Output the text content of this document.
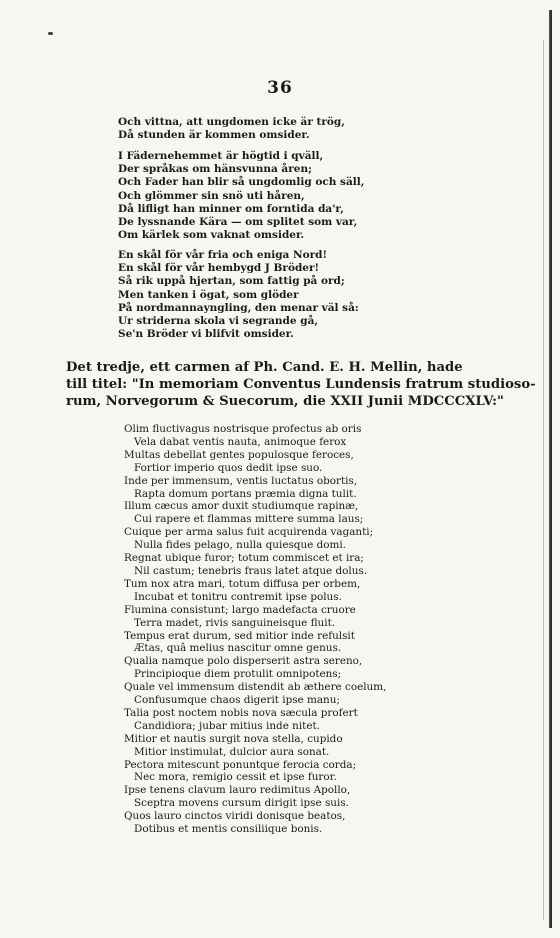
36
Och vittna, att ungdomen icke är trög,
Då stunden är kommen omsider.
I Fädernehemmet är högtid i qväll,
Der språkas om hänsvunna åren;
Och Fader han blir så ungdomlig och säll,
Och glömmer sin snö uti håren,
Då lifligt han minner om forntida da'r,
De lyssnande Kära — om splitet som var,
Om kärlek som vaknat omsider.
En skål för vår fria och eniga Nord!
En skål för vår hembygd J Bröder!
Så rik uppå hjertan, som fattig på ord;
Men tanken i ögat, som glöder
På nordmannayngling, den menar väl så:
Ur striderna skola vi segrande gå,
Se'n Bröder vi blifvit omsider.
Det tredje, ett carmen af Ph. Cand. E. H. Mellin, hade
till titel: "In memoriam Conventus Lundensis fratrum studioso-
rum, Norvegorum & Suecorum, die XXII Junii MDCCCXLV:"
Olim fluctivagus nostrisque profectus ab oris
Vela dabat ventis nauta, animoque ferox
Multas debellat gentes populosque feroces,
Fortior imperio quos dedit ipse suo.
Inde per immensum, ventis luctatus obortis,
Rapta domum portans præmia digna tulit.
Illum cæcus amor duxit studiumque rapinæ,
Cui rapere et flammas mittere summa laus;
Cuique per arma salus fuit acquirenda vaganti;
Nulla fides pelago, nulla quiesque domi.
Regnat ubique furor; totum commiscet et ira;
Nil castum; tenebris fraus latet atque dolus.
Tum nox atra mari, totum diffusa per orbem,
Incubat et tonitru contremit ipse polus.
Flumina consistunt; largo madefacta cruore
Terra madet, rivis sanguineisque fluit.
Tempus erat durum, sed mitior inde refulsit
Ætas, quâ melius nascitur omne genus.
Qualia namque polo disperserit astra sereno,
Principioque diem protulit omnipotens;
Quale vel immensum distendit ab æthere coelum,
Confusumque chaos digerit ipse manu;
Talia post noctem nobis nova sæcula profert
Candidiora; jubar mitius inde nitet.
Mitior et nautis surgit nova stella, cupido
Mitior instimulat, dulcior aura sonat.
Pectora mitescunt ponuntque ferocia corda;
Nec mora, remigio cessit et ipse furor.
Ipse tenens clavum lauro redimitus Apollo,
Sceptra movens cursum dirigit ipse suis.
Quos lauro cinctos viridi donisque beatos,
Dotibus et mentis consiliique bonis.
